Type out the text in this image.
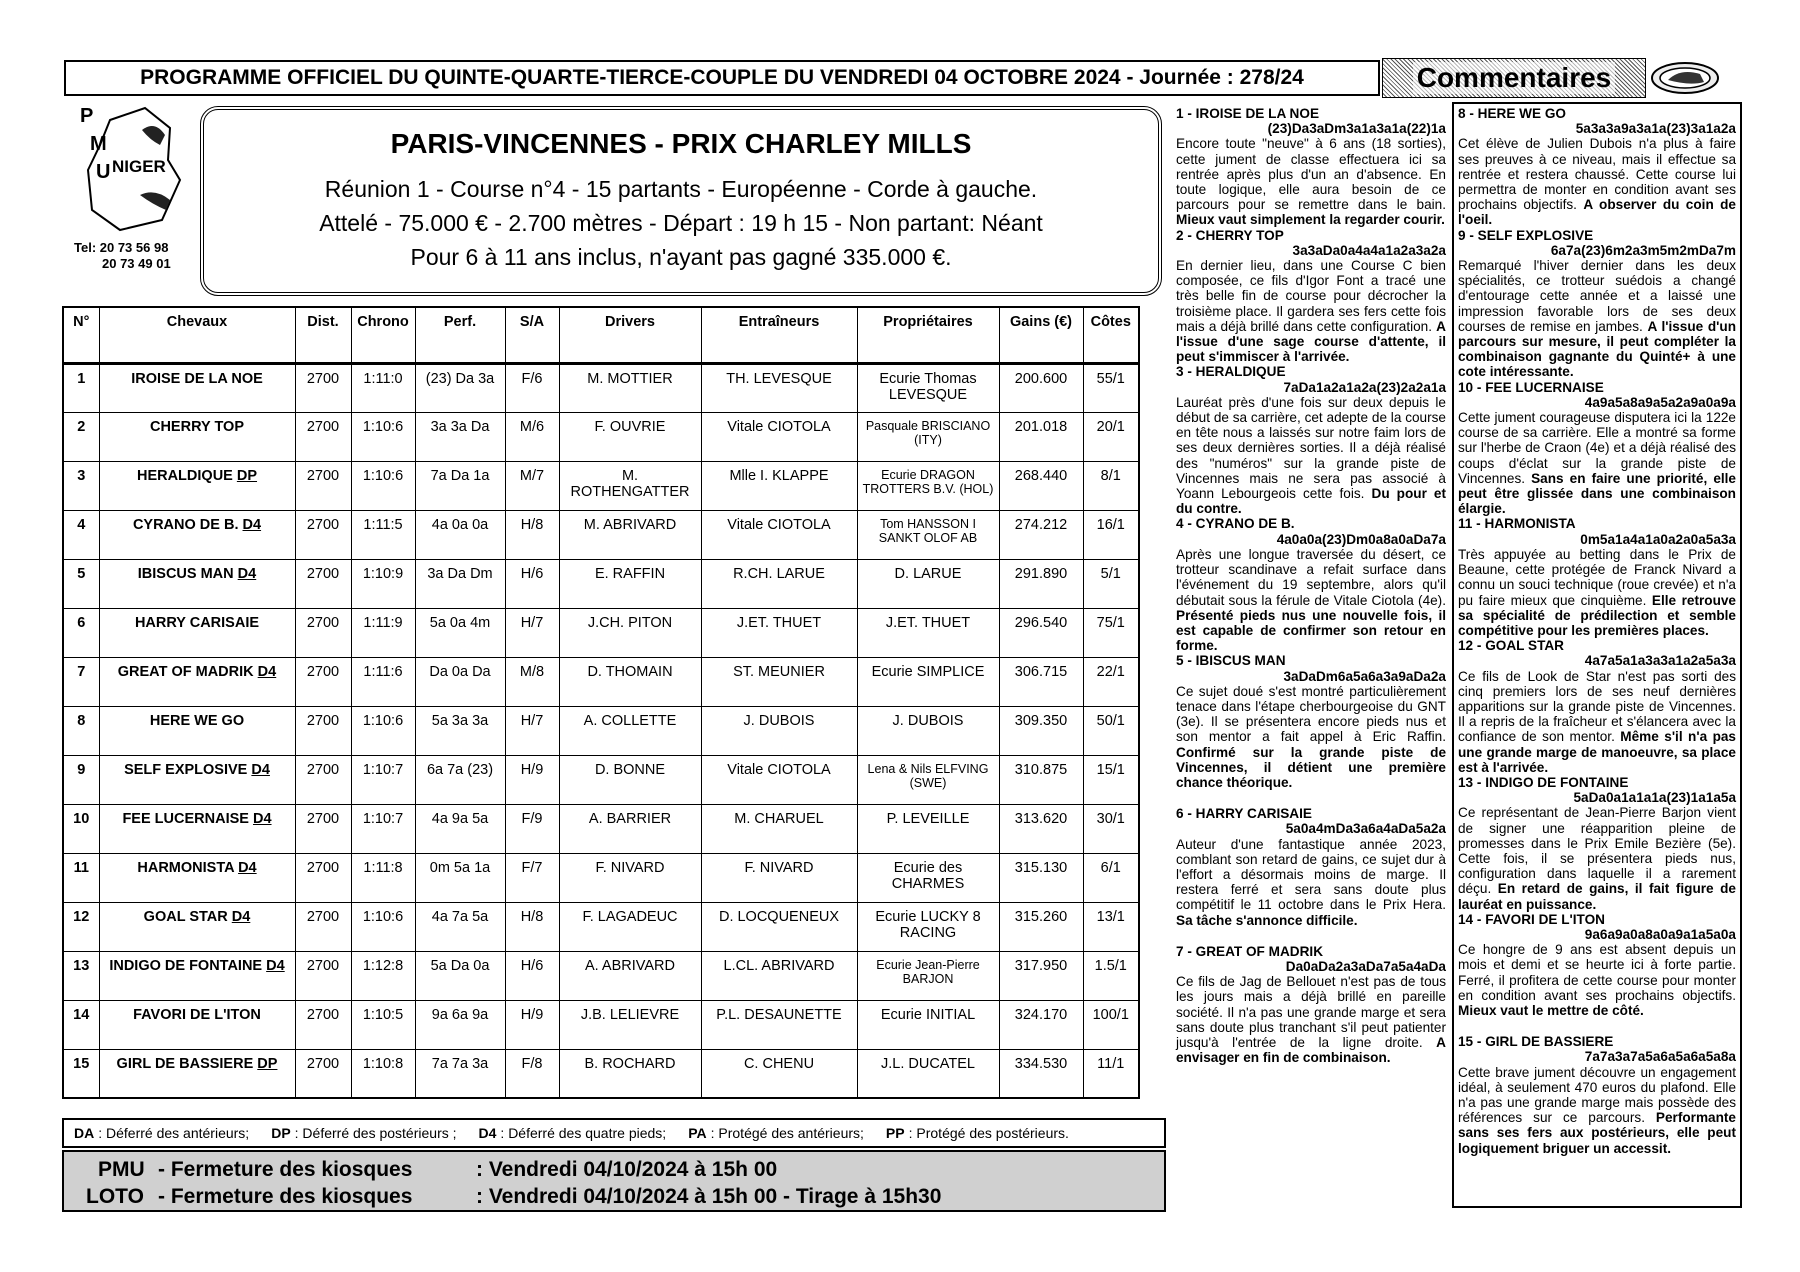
PROGRAMME OFFICIEL DU QUINTE-QUARTE-TIERCE-COUPLE DU VENDREDI 04 OCTOBRE 2024 - Journée : 278/24	Commentaires
P
M
U NIGER
Tel: 20 73 56 98
20 73 49 01
PARIS-VINCENNES - PRIX CHARLEY MILLS
Réunion 1 - Course n°4 - 15 partants - Européenne - Corde à gauche.
Attelé - 75.000 € - 2.700 mètres - Départ : 19 h 15 - Non partant: Néant
Pour 6 à 11 ans inclus, n'ayant pas gagné 335.000 €.
N°	Chevaux	Dist.	Chrono	Perf.	S/A	Drivers	Entraîneurs	Propriétaires	Gains (€)	Côtes
1	IROISE DE LA NOE	2700	1:11:0	(23) Da 3a	F/6	M. MOTTIER	TH. LEVESQUE	Ecurie Thomas LEVESQUE	200.600	55/1
2	CHERRY TOP	2700	1:10:6	3a 3a Da	M/6	F. OUVRIE	Vitale CIOTOLA	Pasquale BRISCIANO (ITY)	201.018	20/1
3	HERALDIQUE DP	2700	1:10:6	7a Da 1a	M/7	M. ROTHENGATTER	Mlle I. KLAPPE	Ecurie DRAGON TROTTERS B.V. (HOL)	268.440	8/1
4	CYRANO DE B. D4	2700	1:11:5	4a 0a 0a	H/8	M. ABRIVARD	Vitale CIOTOLA	Tom HANSSON I SANKT OLOF AB	274.212	16/1
5	IBISCUS MAN D4	2700	1:10:9	3a Da Dm	H/6	E. RAFFIN	R.CH. LARUE	D. LARUE	291.890	5/1
6	HARRY CARISAIE	2700	1:11:9	5a 0a 4m	H/7	J.CH. PITON	J.ET. THUET	J.ET. THUET	296.540	75/1
7	GREAT OF MADRIK D4	2700	1:11:6	Da 0a Da	M/8	D. THOMAIN	ST. MEUNIER	Ecurie SIMPLICE	306.715	22/1
8	HERE WE GO	2700	1:10:6	5a 3a 3a	H/7	A. COLLETTE	J. DUBOIS	J. DUBOIS	309.350	50/1
9	SELF EXPLOSIVE D4	2700	1:10:7	6a 7a (23)	H/9	D. BONNE	Vitale CIOTOLA	Lena & Nils ELFVING (SWE)	310.875	15/1
10	FEE LUCERNAISE D4	2700	1:10:7	4a 9a 5a	F/9	A. BARRIER	M. CHARUEL	P. LEVEILLE	313.620	30/1
11	HARMONISTA D4	2700	1:11:8	0m 5a 1a	F/7	F. NIVARD	F. NIVARD	Ecurie des CHARMES	315.130	6/1
12	GOAL STAR D4	2700	1:10:6	4a 7a 5a	H/8	F. LAGADEUC	D. LOCQUENEUX	Ecurie LUCKY 8 RACING	315.260	13/1
13	INDIGO DE FONTAINE D4	2700	1:12:8	5a Da 0a	H/6	A. ABRIVARD	L.CL. ABRIVARD	Ecurie Jean-Pierre BARJON	317.950	1.5/1
14	FAVORI DE L'ITON	2700	1:10:5	9a 6a 9a	H/9	J.B. LELIEVRE	P.L. DESAUNETTE	Ecurie INITIAL	324.170	100/1
15	GIRL DE BASSIERE DP	2700	1:10:8	7a 7a 3a	F/8	B. ROCHARD	C. CHENU	J.L. DUCATEL	334.530	11/1
DA : Déferré des antérieurs; DP : Déferré des postérieurs ; D4 : Déferré des quatre pieds; PA : Protégé des antérieurs; PP : Protégé des postérieurs.
PMU - Fermeture des kiosques	: Vendredi 04/10/2024 à 15h 00
LOTO - Fermeture des kiosques	: Vendredi 04/10/2024 à 15h 00 - Tirage à 15h30
1 - IROISE DE LA NOE
(23)Da3aDm3a1a3a1a(22)1a
Encore toute "neuve" à 6 ans (18 sorties), cette jument de classe effectuera ici sa rentrée après plus d'un an d'absence. En toute logique, elle aura besoin de ce parcours pour se remettre dans le bain. Mieux vaut simplement la regarder courir.
2 - CHERRY TOP
3a3aDa0a4a4a1a2a3a2a
En dernier lieu, dans une Course C bien composée, ce fils d'Igor Font a tracé une très belle fin de course pour décrocher la troisième place. Il gardera ses fers cette fois mais a déjà brillé dans cette configuration. A l'issue d'une sage course d'attente, il peut s'immiscer à l'arrivée.
3 - HERALDIQUE
7aDa1a2a1a2a(23)2a2a1a
Lauréat près d'une fois sur deux depuis le début de sa carrière, cet adepte de la course en tête nous a laissés sur notre faim lors de ses deux dernières sorties. Il a déjà réalisé des "numéros" sur la grande piste de Vincennes mais ne sera pas associé à Yoann Lebourgeois cette fois. Du pour et du contre.
4 - CYRANO DE B.
4a0a0a(23)Dm0a8a0aDa7a
Après une longue traversée du désert, ce trotteur scandinave a refait surface dans l'événement du 19 septembre, alors qu'il débutait sous la férule de Vitale Ciotola (4e). Présenté pieds nus une nouvelle fois, il est capable de confirmer son retour en forme.
5 - IBISCUS MAN
3aDaDm6a5a6a3a9aDa2a
Ce sujet doué s'est montré particulièrement tenace dans l'étape cherbourgeoise du GNT (3e). Il se présentera encore pieds nus et son mentor a fait appel à Eric Raffin. Confirmé sur la grande piste de Vincennes, il détient une première chance théorique.
6 - HARRY CARISAIE
5a0a4mDa3a6a4aDa5a2a
Auteur d'une fantastique année 2023, comblant son retard de gains, ce sujet dur à l'effort a désormais moins de marge. Il restera ferré et sera sans doute plus compétitif le 11 octobre dans le Prix Hera. Sa tâche s'annonce difficile.
7 - GREAT OF MADRIK
Da0aDa2a3aDa7a5a4aDa
Ce fils de Jag de Bellouet n'est pas de tous les jours mais a déjà brillé en pareille société. Il n'a pas une grande marge et sera sans doute plus tranchant s'il peut patienter jusqu'à l'entrée de la ligne droite. A envisager en fin de combinaison.
8 - HERE WE GO
5a3a3a9a3a1a(23)3a1a2a
Cet élève de Julien Dubois n'a plus à faire ses preuves à ce niveau, mais il effectue sa rentrée et restera chaussé. Cette course lui permettra de monter en condition avant ses prochains objectifs. A observer du coin de l'oeil.
9 - SELF EXPLOSIVE
6a7a(23)6m2a3m5m2mDa7m
Remarqué l'hiver dernier dans les deux spécialités, ce trotteur suédois a changé d'entourage cette année et a laissé une impression favorable lors de ses deux courses de remise en jambes. A l'issue d'un parcours sur mesure, il peut compléter la combinaison gagnante du Quinté+ à une cote intéressante.
10 - FEE LUCERNAISE
4a9a5a8a9a5a2a9a0a9a
Cette jument courageuse disputera ici la 122e course de sa carrière. Elle a montré sa forme sur l'herbe de Craon (4e) et a déjà réalisé des coups d'éclat sur la grande piste de Vincennes. Sans en faire une priorité, elle peut être glissée dans une combinaison élargie.
11 - HARMONISTA
0m5a1a4a1a0a2a0a5a3a
Très appuyée au betting dans le Prix de Beaune, cette protégée de Franck Nivard a connu un souci technique (roue crevée) et n'a pu faire mieux que cinquième. Elle retrouve sa spécialité de prédilection et semble compétitive pour les premières places.
12 - GOAL STAR
4a7a5a1a3a3a1a2a5a3a
Ce fils de Look de Star n'est pas sorti des cinq premiers lors de ses neuf dernières apparitions sur la grande piste de Vincennes. Il a repris de la fraîcheur et s'élancera avec la confiance de son mentor. Même s'il n'a pas une grande marge de manoeuvre, sa place est à l'arrivée.
13 - INDIGO DE FONTAINE
5aDa0a1a1a1a(23)1a1a5a
Ce représentant de Jean-Pierre Barjon vient de signer une réapparition pleine de promesses dans le Prix Emile Bezière (5e). Cette fois, il se présentera pieds nus, configuration dans laquelle il a rarement déçu. En retard de gains, il fait figure de lauréat en puissance.
14 - FAVORI DE L'ITON
9a6a9a0a8a0a9a1a5a0a
Ce hongre de 9 ans est absent depuis un mois et demi et se heurte ici à forte partie. Ferré, il profitera de cette course pour monter en condition avant ses prochains objectifs. Mieux vaut le mettre de côté.
15 - GIRL DE BASSIERE
7a7a3a7a5a6a5a6a5a8a
Cette brave jument découvre un engagement idéal, à seulement 470 euros du plafond. Elle n'a pas une grande marge mais possède des références sur ce parcours. Performante sans ses fers aux postérieurs, elle peut logiquement briguer un accessit.
